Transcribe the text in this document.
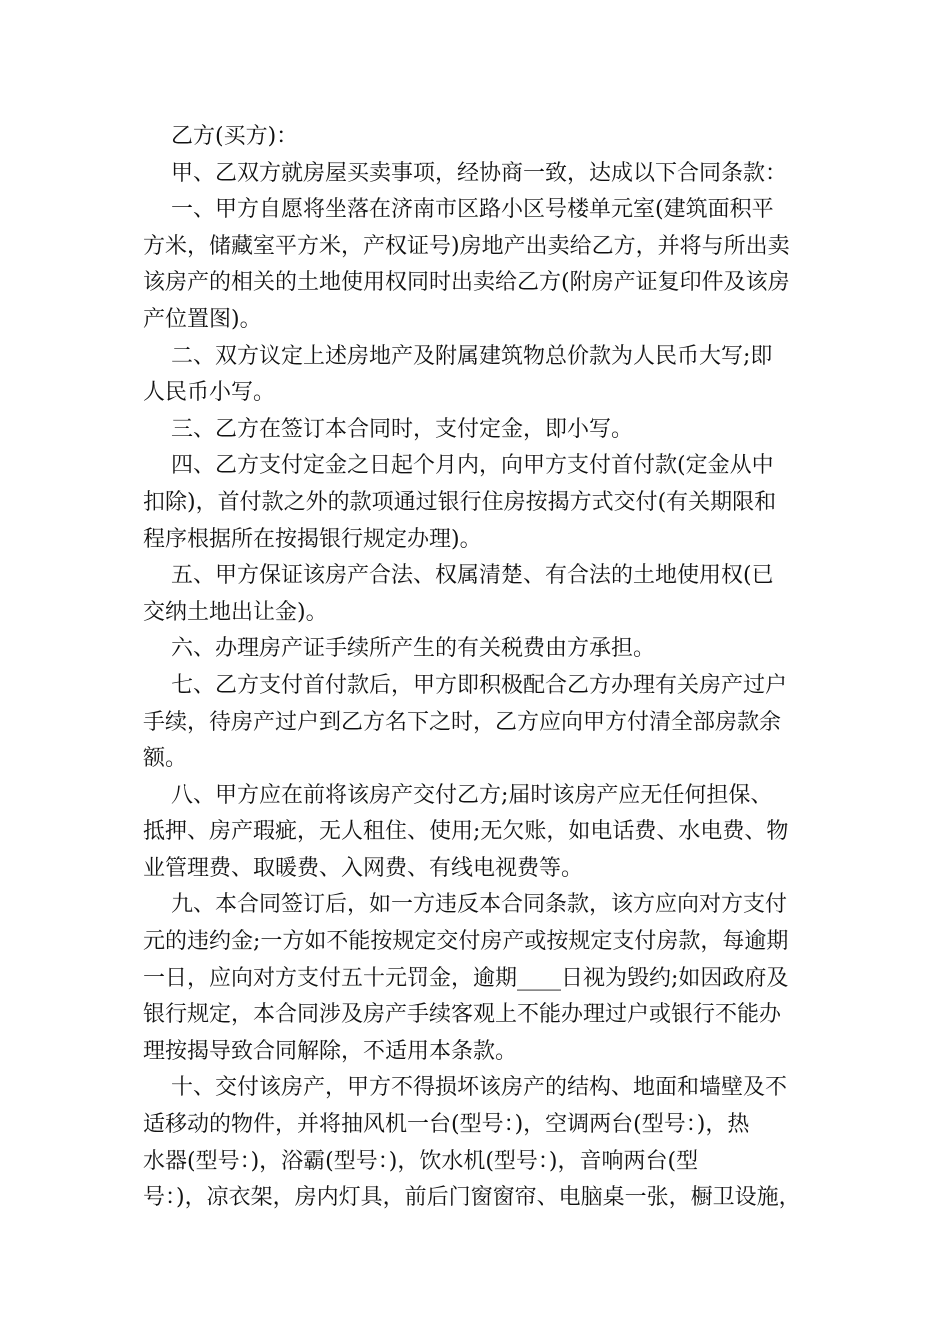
乙方(买方)：
甲、乙双方就房屋买卖事项，经协商一致，达成以下合同条款：
一、甲方自愿将坐落在济南市区路小区号楼单元室(建筑面积平
方米，储藏室平方米，产权证号)房地产出卖给乙方，并将与所出卖
该房产的相关的土地使用权同时出卖给乙方(附房产证复印件及该房
产位置图)。
二、双方议定上述房地产及附属建筑物总价款为人民币大写;即
人民币小写。
三、乙方在签订本合同时，支付定金，即小写。
四、乙方支付定金之日起个月内，向甲方支付首付款(定金从中
扣除)，首付款之外的款项通过银行住房按揭方式交付(有关期限和
程序根据所在按揭银行规定办理)。
五、甲方保证该房产合法、权属清楚、有合法的土地使用权(已
交纳土地出让金)。
六、办理房产证手续所产生的有关税费由方承担。
七、乙方支付首付款后，甲方即积极配合乙方办理有关房产过户
手续，待房产过户到乙方名下之时，乙方应向甲方付清全部房款余
额。
八、甲方应在前将该房产交付乙方;届时该房产应无任何担保、
抵押、房产瑕疵，无人租住、使用;无欠账，如电话费、水电费、物
业管理费、取暖费、入网费、有线电视费等。
九、本合同签订后，如一方违反本合同条款，该方应向对方支付
元的违约金;一方如不能按规定交付房产或按规定支付房款，每逾期
一日，应向对方支付五十元罚金，逾期____日视为毁约;如因政府及
银行规定，本合同涉及房产手续客观上不能办理过户或银行不能办
理按揭导致合同解除，不适用本条款。
十、交付该房产，甲方不得损坏该房产的结构、地面和墙壁及不
适移动的物件，并将抽风机一台(型号：)，空调两台(型号：)，热
水器(型号：)，浴霸(型号：)，饮水机(型号：)，音响两台(型
号：)，凉衣架，房内灯具，前后门窗窗帘、电脑桌一张，橱卫设施，
